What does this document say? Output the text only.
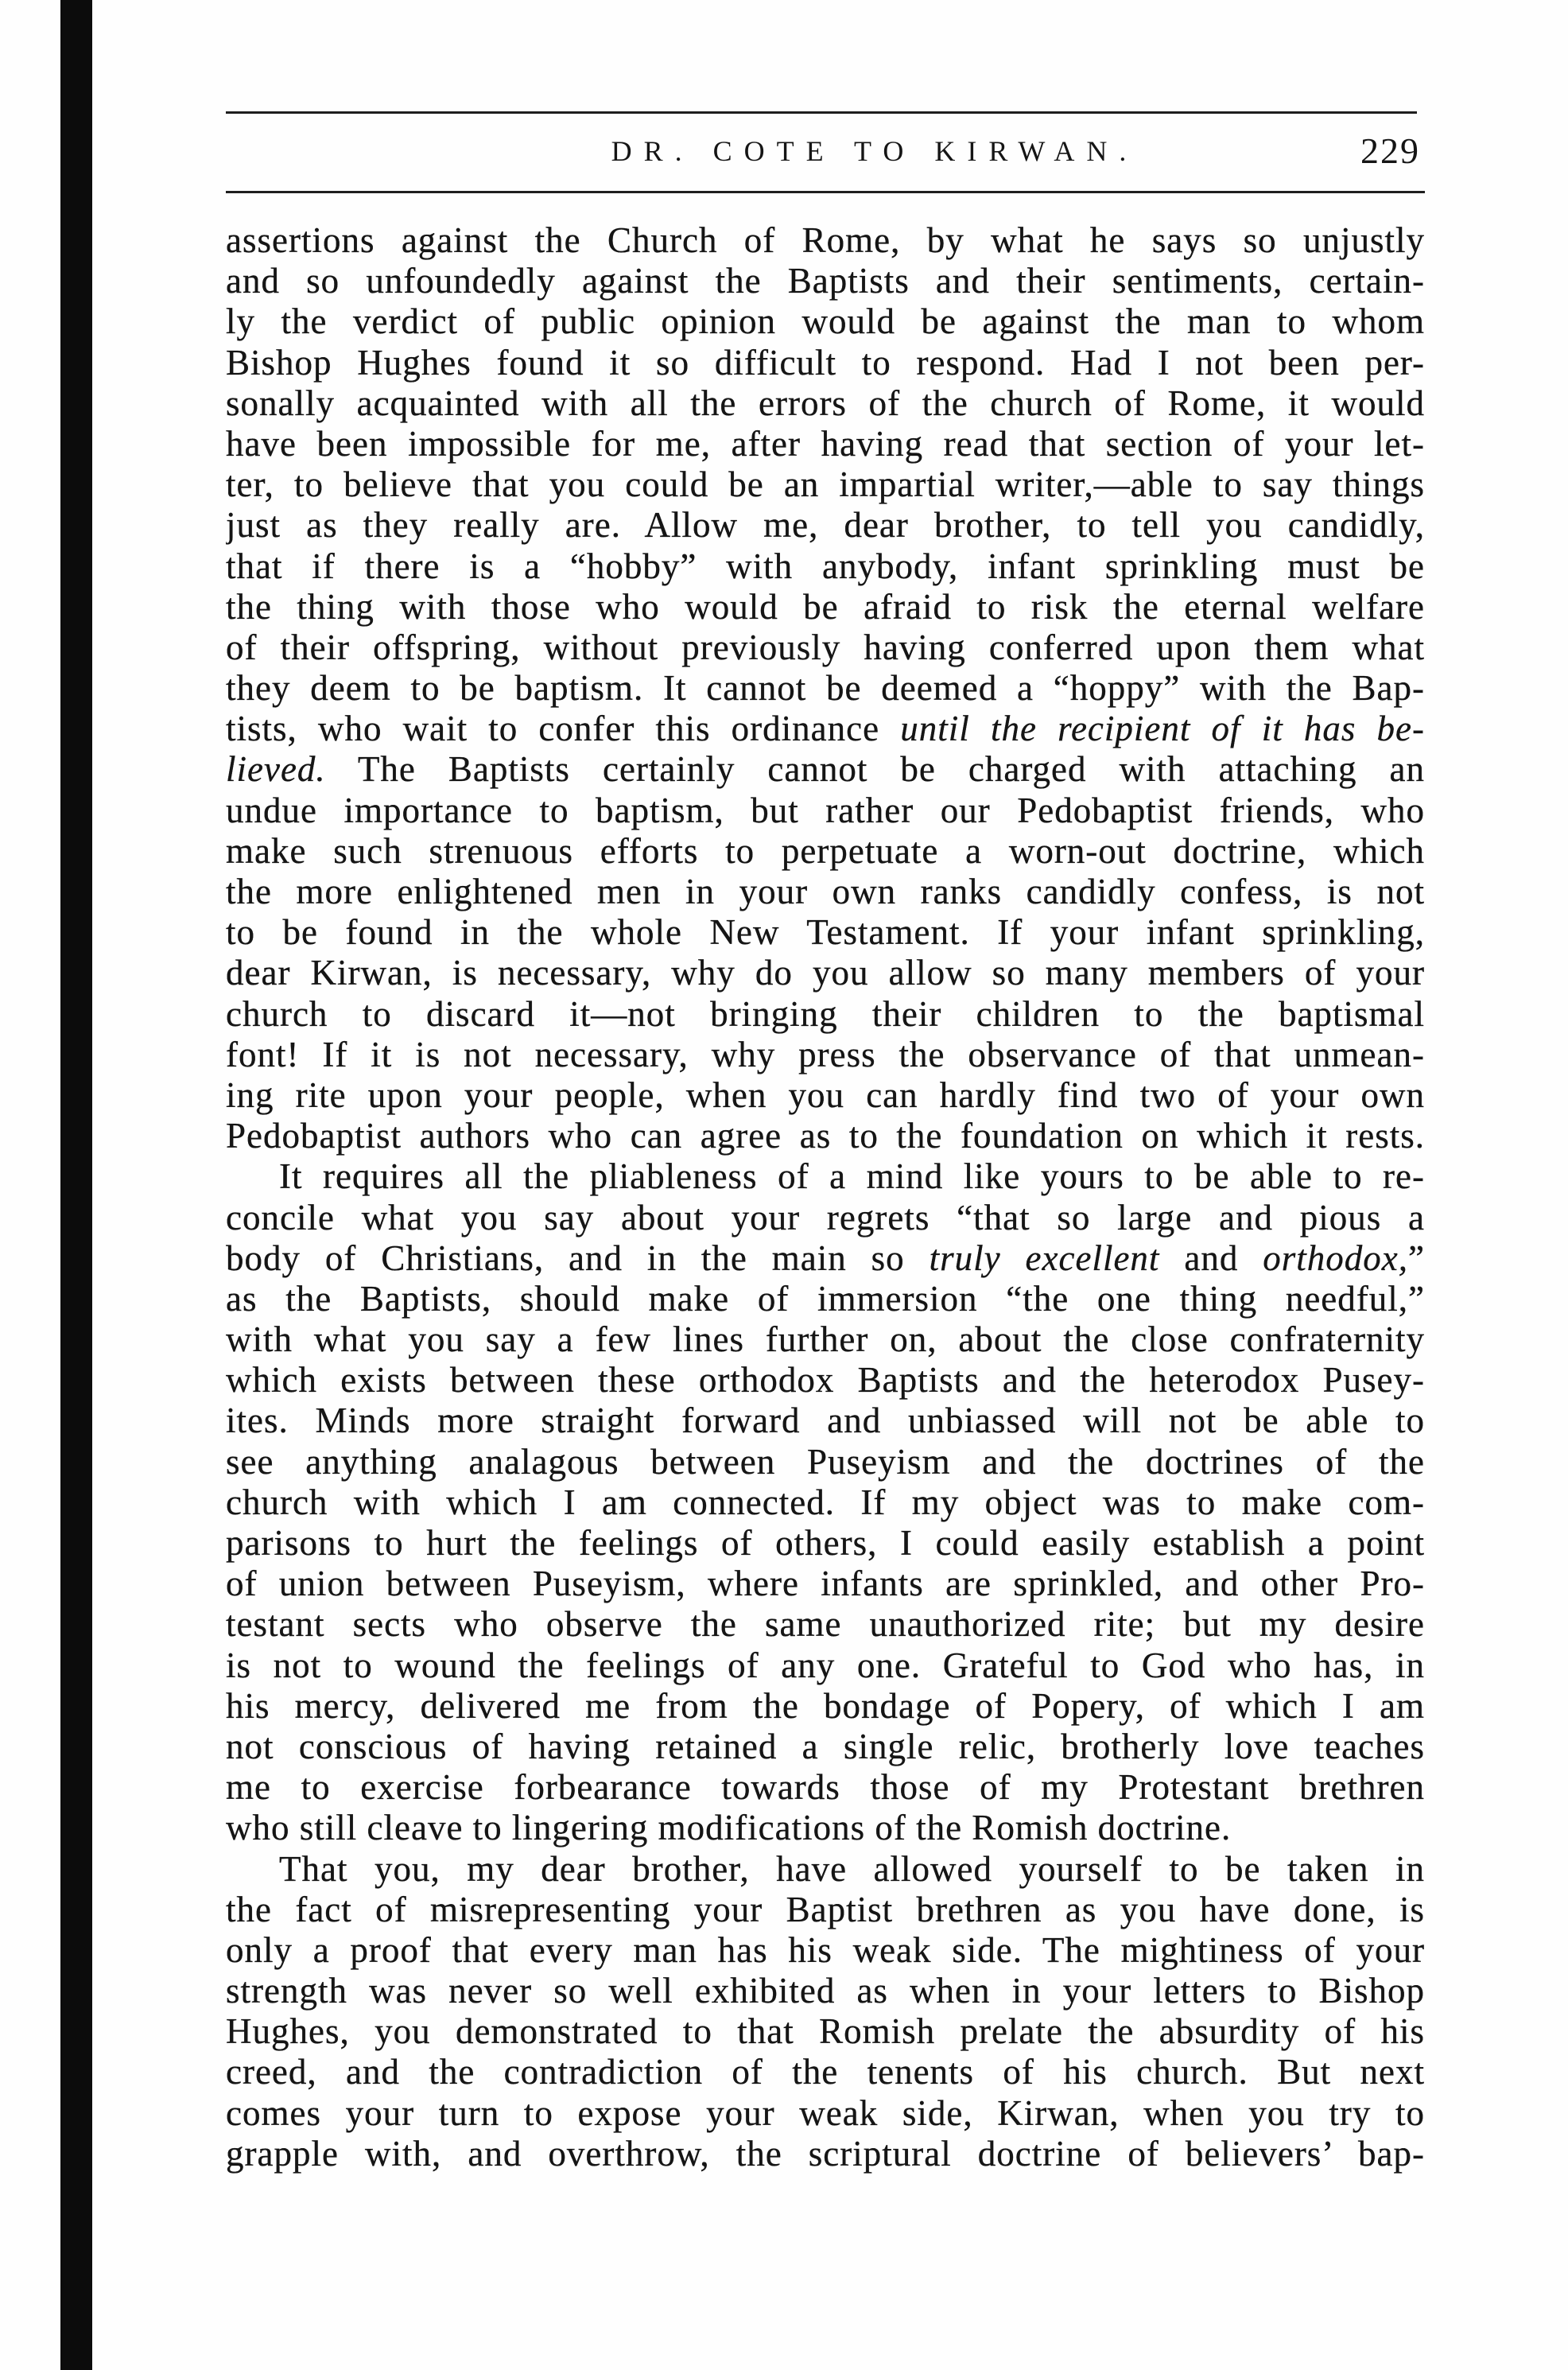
DR. COTE TO KIRWAN.	229
assertions against the Church of Rome, by what he says so unjustly
and so unfoundedly against the Baptists and their sentiments, certain-
ly the verdict of public opinion would be against the man to whom
Bishop Hughes found it so difficult to respond. Had I not been per-
sonally acquainted with all the errors of the church of Rome, it would
have been impossible for me, after having read that section of your let-
ter, to believe that you could be an impartial writer,—able to say things
just as they really are. Allow me, dear brother, to tell you candidly,
that if there is a “hobby” with anybody, infant sprinkling must be
the thing with those who would be afraid to risk the eternal welfare
of their offspring, without previously having conferred upon them what
they deem to be baptism. It cannot be deemed a “hoppy” with the Bap-
tists, who wait to confer this ordinance until the recipient of it has be-
lieved. The Baptists certainly cannot be charged with attaching an
undue importance to baptism, but rather our Pedobaptist friends, who
make such strenuous efforts to perpetuate a worn-out doctrine, which
the more enlightened men in your own ranks candidly confess, is not
to be found in the whole New Testament. If your infant sprinkling,
dear Kirwan, is necessary, why do you allow so many members of your
church to discard it—not bringing their children to the baptismal
font! If it is not necessary, why press the observance of that unmean-
ing rite upon your people, when you can hardly find two of your own
Pedobaptist authors who can agree as to the foundation on which it rests.
It requires all the pliableness of a mind like yours to be able to re-
concile what you say about your regrets “that so large and pious a
body of Christians, and in the main so truly excellent and orthodox,”
as the Baptists, should make of immersion “the one thing needful,”
with what you say a few lines further on, about the close confraternity
which exists between these orthodox Baptists and the heterodox Pusey-
ites. Minds more straight forward and unbiassed will not be able to
see anything analagous between Puseyism and the doctrines of the
church with which I am connected. If my object was to make com-
parisons to hurt the feelings of others, I could easily establish a point
of union between Puseyism, where infants are sprinkled, and other Pro-
testant sects who observe the same unauthorized rite; but my desire
is not to wound the feelings of any one. Grateful to God who has, in
his mercy, delivered me from the bondage of Popery, of which I am
not conscious of having retained a single relic, brotherly love teaches
me to exercise forbearance towards those of my Protestant brethren
who still cleave to lingering modifications of the Romish doctrine.
That you, my dear brother, have allowed yourself to be taken in
the fact of misrepresenting your Baptist brethren as you have done, is
only a proof that every man has his weak side. The mightiness of your
strength was never so well exhibited as when in your letters to Bishop
Hughes, you demonstrated to that Romish prelate the absurdity of his
creed, and the contradiction of the tenents of his church. But next
comes your turn to expose your weak side, Kirwan, when you try to
grapple with, and overthrow, the scriptural doctrine of believers’ bap-
